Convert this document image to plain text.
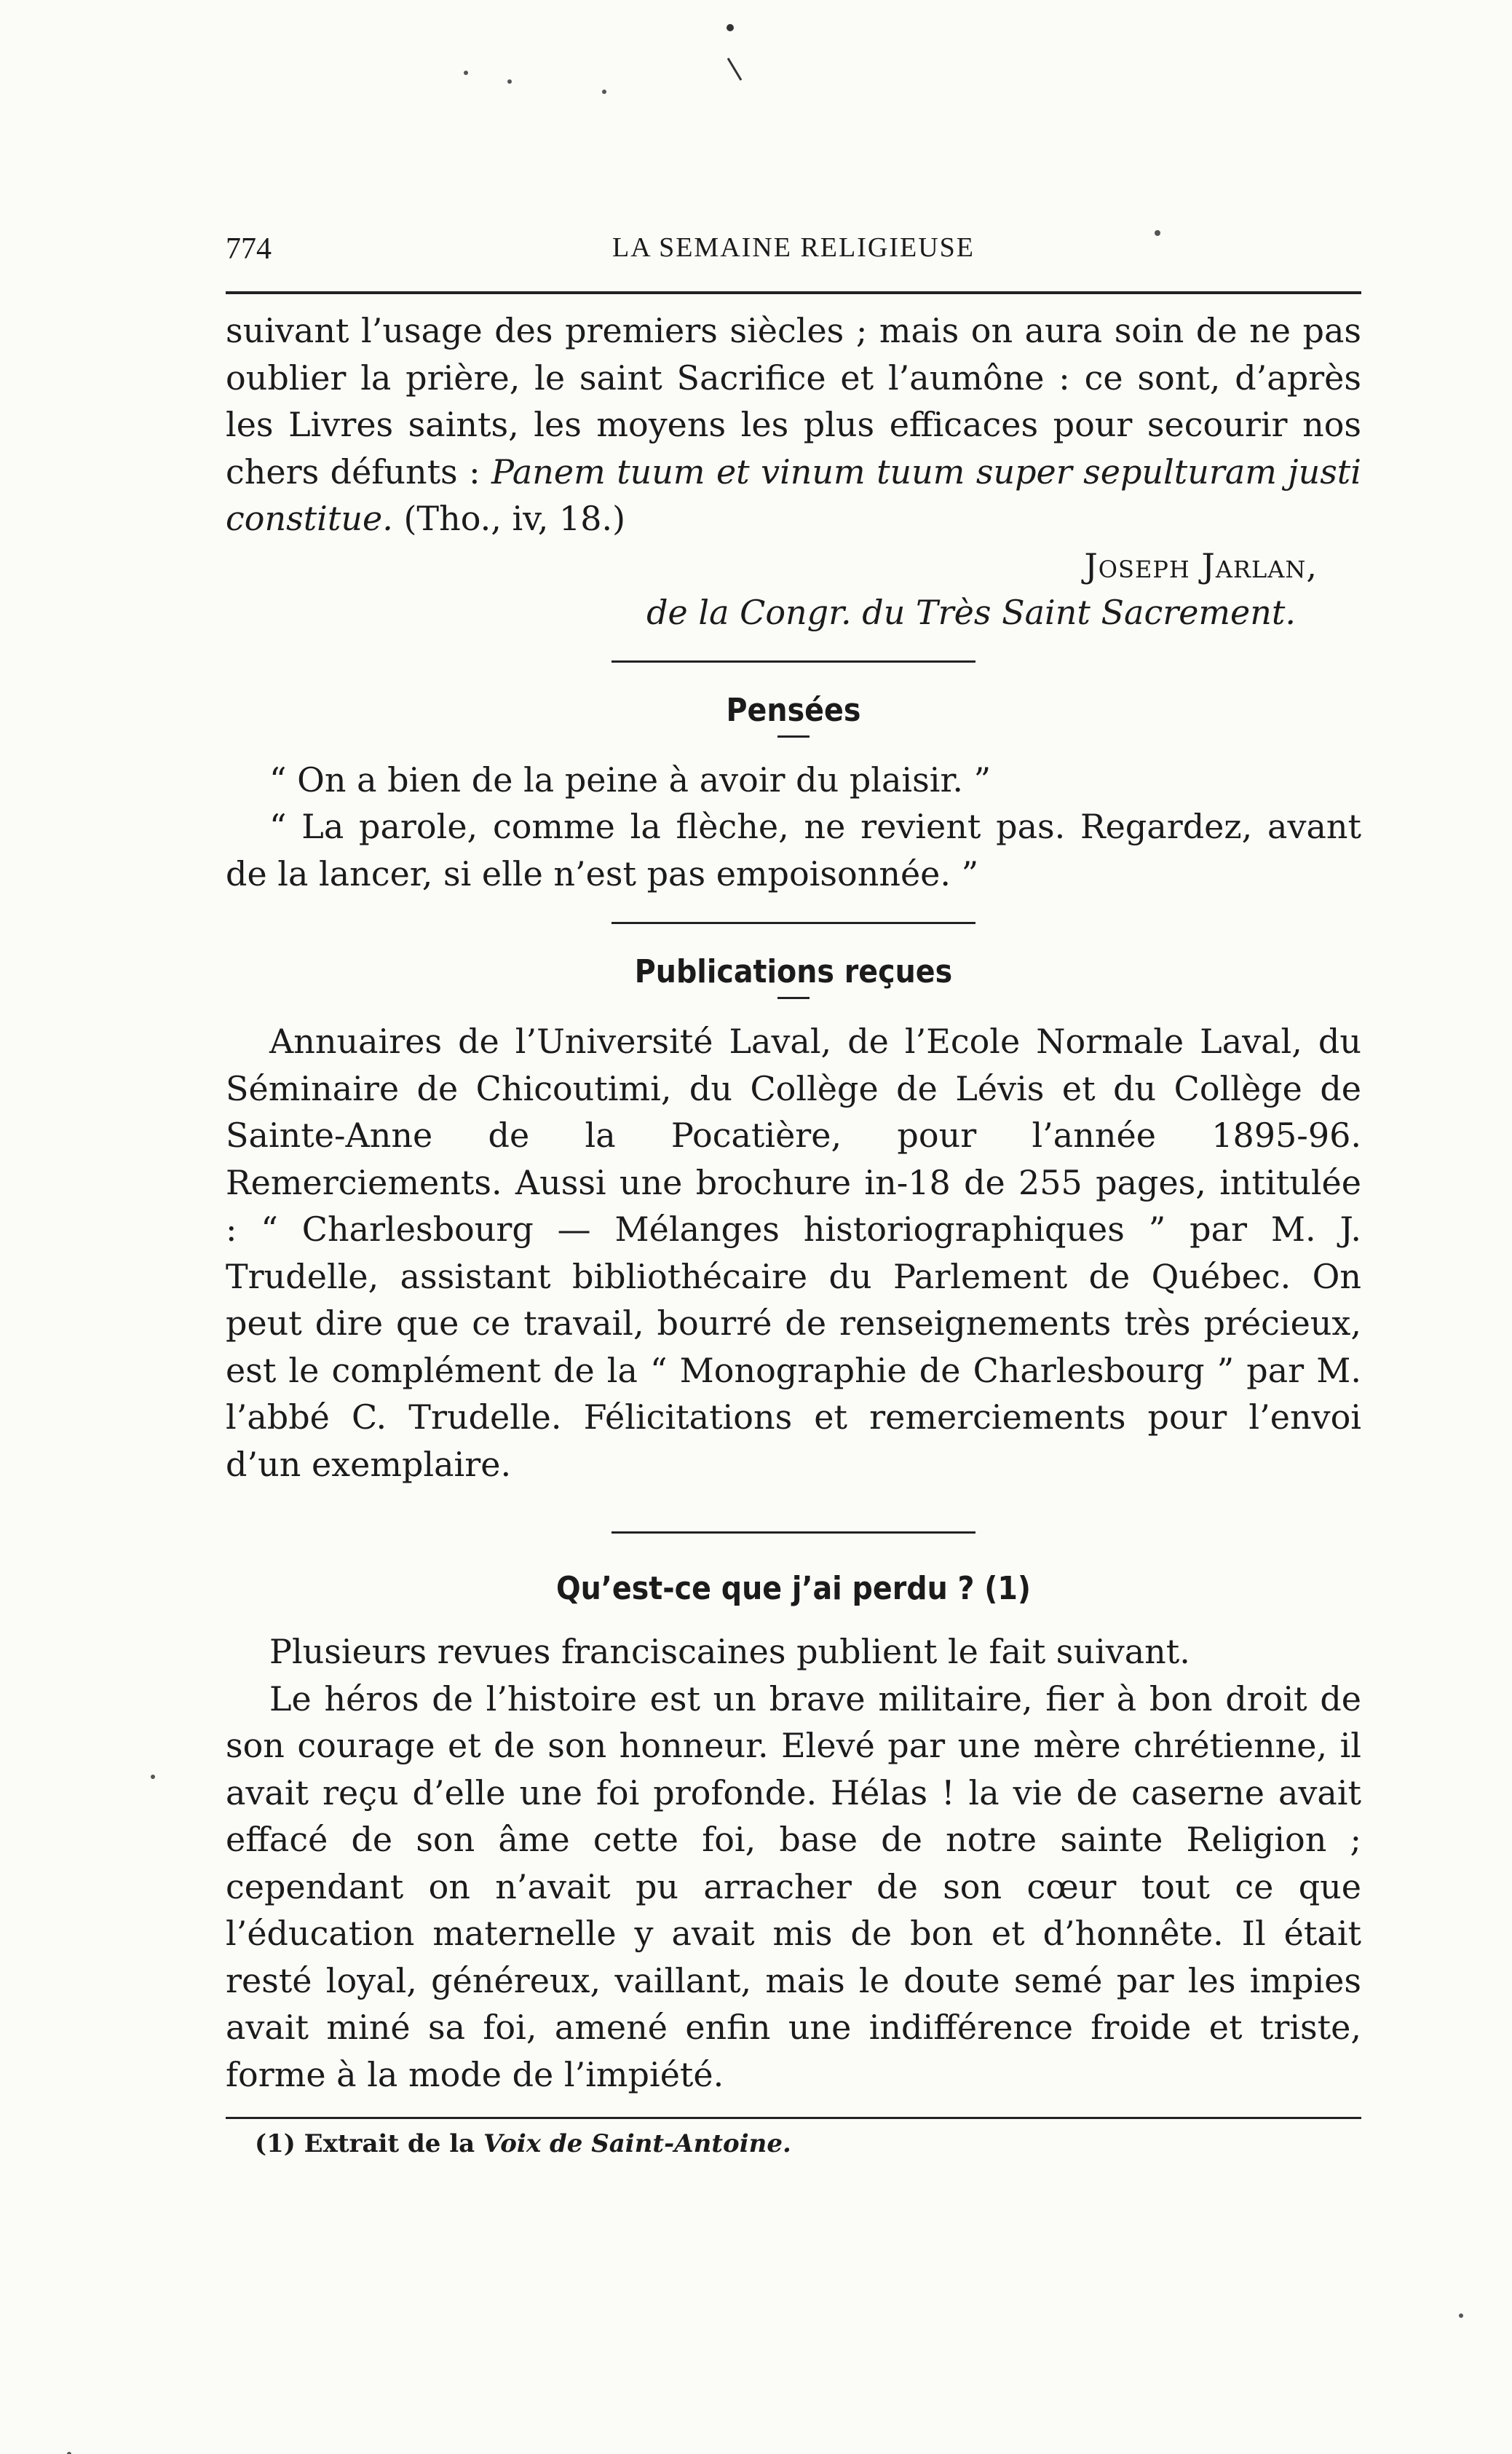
774	LA SEMAINE RELIGIEUSE

suivant l’usage des premiers siècles ; mais on aura soin de ne pas oublier la prière, le saint Sacrifice et l’aumône : ce sont, d’après les Livres saints, les moyens les plus efficaces pour secourir nos chers défunts : Panem tuum et vinum tuum super sepulturam justi constitue. (Tho., iv, 18.)

Joseph Jarlan,
de la Congr. du Très Saint Sacrement.
Pensées

“ On a bien de la peine à avoir du plaisir. ”

“ La parole, comme la flèche, ne revient pas. Regardez, avant de la lancer, si elle n’est pas empoisonnée. ”

Publications reçues

Annuaires de l’Université Laval, de l’Ecole Normale Laval, du Séminaire de Chicoutimi, du Collège de Lévis et du Collège de Sainte-Anne de la Pocatière, pour l’année 1895-96. Remerciements. Aussi une brochure in-18 de 255 pages, intitulée : “ Charlesbourg — Mélanges historiographiques ” par M. J. Trudelle, assistant bibliothécaire du Parlement de Québec. On peut dire que ce travail, bourré de renseignements très précieux, est le complément de la “ Monographie de Charlesbourg ” par M. l’abbé C. Trudelle. Félicitations et remerciements pour l’envoi d’un exemplaire.

Qu’est-ce que j’ai perdu ? (1)

Plusieurs revues franciscaines publient le fait suivant.

Le héros de l’histoire est un brave militaire, fier à bon droit de son courage et de son honneur. Elevé par une mère chrétienne, il avait reçu d’elle une foi profonde. Hélas ! la vie de caserne avait effacé de son âme cette foi, base de notre sainte Religion ; cependant on n’avait pu arracher de son cœur tout ce que l’éducation maternelle y avait mis de bon et d’honnête. Il était resté loyal, généreux, vaillant, mais le doute semé par les impies avait miné sa foi, amené enfin une indifférence froide et triste, forme à la mode de l’impiété.

(1) Extrait de la Voix de Saint-Antoine.
